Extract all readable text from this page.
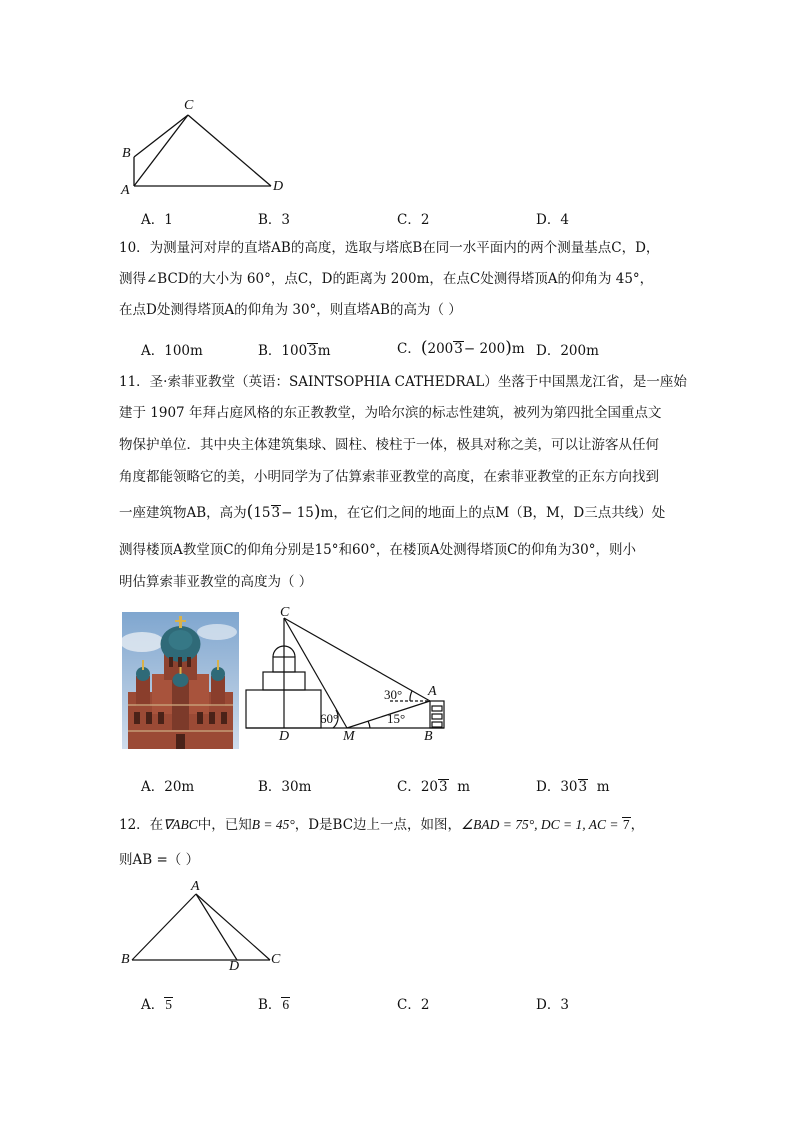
C
B
A	D
A．1	B．3	C．2	D．4
10．为测量河对岸的直塔AB的高度，选取与塔底B在同一水平面内的两个测量基点C，D，
测得∠BCD的大小为 60°，点C，D的距离为 200m，在点C处测得塔顶A的仰角为 45°，
在点D处测得塔顶A的仰角为 30°，则直塔AB的高为（ ）
A．100m	B．1003m	C．(2003− 200)m D．200m
11．圣·索菲亚教堂（英语：SAINTSOPHIA CATHEDRAL）坐落于中国黑龙江省，是一座始
建于 1907 年拜占庭风格的东正教教堂，为哈尔滨的标志性建筑，被列为第四批全国重点文
物保护单位．其中央主体建筑集球、圆柱、棱柱于一体，极具对称之美，可以让游客从任何
角度都能领略它的美，小明同学为了估算索菲亚教堂的高度，在索菲亚教堂的正东方向找到
一座建筑物AB，高为(153− 15)m，在它们之间的地面上的点M（B，M，D三点共线）处
测得楼顶A教堂顶C的仰角分别是15°和60°，在楼顶A处测得塔顶C的仰角为30°，则小
明估算索菲亚教堂的高度为（ ）
C
A
D	M	B
30°
60°	15°
A．20m	B．30m	C．203  m	D．303  m
12．在∇ABC中，已知B = 45°，D是BC边上一点，如图，∠BAD = 75°, DC = 1, AC = 7，
则AB =（ ）
A
B	D C
A．5	B．6	C．2	D．3
